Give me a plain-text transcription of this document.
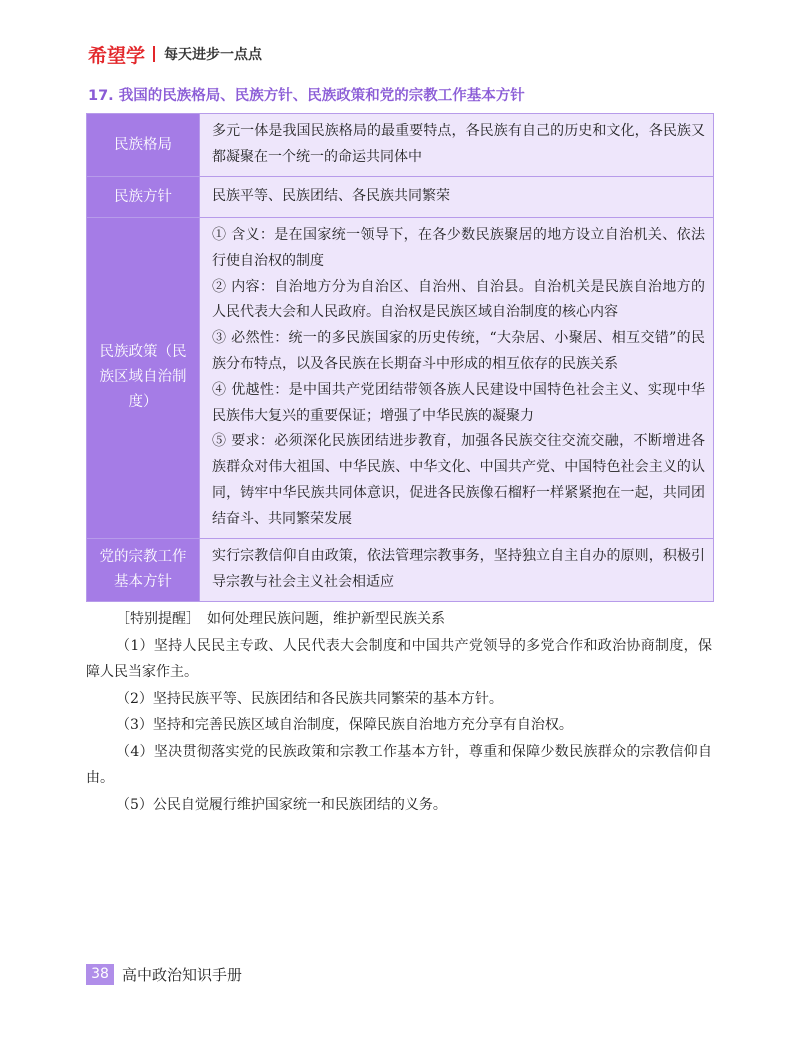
希望学 每天进步一点点
17. 我国的民族格局、民族方针、民族政策和党的宗教工作基本方针
民族格局	多元一体是我国民族格局的最重要特点，各民族有自己的历史和文化，各民族又都凝聚在一个统一的命运共同体中
民族方针	民族平等、民族团结、各民族共同繁荣
民族政策（民族区域自治制度）	① 含义：是在国家统一领导下，在各少数民族聚居的地方设立自治机关、依法行使自治权的制度
② 内容：自治地方分为自治区、自治州、自治县。自治机关是民族自治地方的人民代表大会和人民政府。自治权是民族区域自治制度的核心内容
③ 必然性：统一的多民族国家的历史传统，“大杂居、小聚居、相互交错”的民族分布特点，以及各民族在长期奋斗中形成的相互依存的民族关系
④ 优越性：是中国共产党团结带领各族人民建设中国特色社会主义、实现中华民族伟大复兴的重要保证；增强了中华民族的凝聚力
⑤ 要求：必须深化民族团结进步教育，加强各民族交往交流交融，不断增进各族群众对伟大祖国、中华民族、中华文化、中国共产党、中国特色社会主义的认同，铸牢中华民族共同体意识，促进各民族像石榴籽一样紧紧抱在一起，共同团结奋斗、共同繁荣发展

党的宗教工作基本方针	实行宗教信仰自由政策，依法管理宗教事务，坚持独立自主自办的原则，积极引导宗教与社会主义社会相适应
［特别提醒］　如何处理民族问题，维护新型民族关系
（1）坚持人民民主专政、人民代表大会制度和中国共产党领导的多党合作和政治协商制度，保障人民当家作主。
（2）坚持民族平等、民族团结和各民族共同繁荣的基本方针。
（3）坚持和完善民族区域自治制度，保障民族自治地方充分享有自治权。
（4）坚决贯彻落实党的民族政策和宗教工作基本方针，尊重和保障少数民族群众的宗教信仰自由。
（5）公民自觉履行维护国家统一和民族团结的义务。
38 高中政治知识手册
